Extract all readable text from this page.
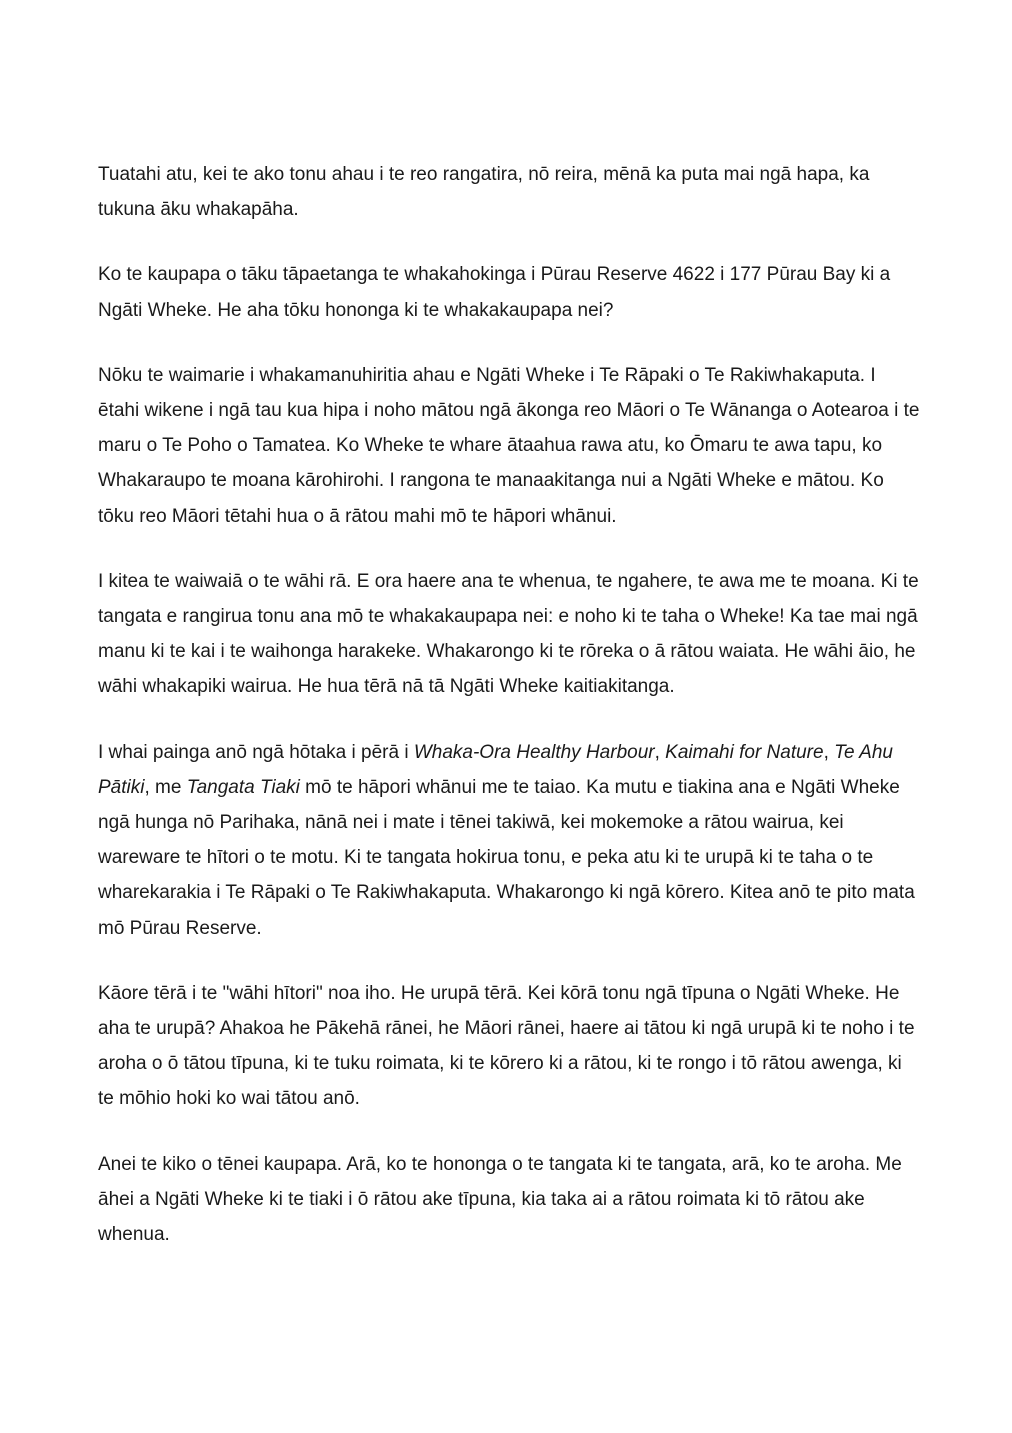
Tuatahi atu, kei te ako tonu ahau i te reo rangatira, nō reira, mēnā ka puta mai ngā hapa, ka tukuna āku whakapāha.

Ko te kaupapa o tāku tāpaetanga te whakahokinga i Pūrau Reserve 4622 i 177 Pūrau Bay ki a Ngāti Wheke. He aha tōku hononga ki te whakakaupapa nei?

Nōku te waimarie i whakamanuhiritia ahau e Ngāti Wheke i Te Rāpaki o Te Rakiwhakaputa. I ētahi wikene i ngā tau kua hipa i noho mātou ngā ākonga reo Māori o Te Wānanga o Aotearoa i te maru o Te Poho o Tamatea. Ko Wheke te whare ātaahua rawa atu, ko Ōmaru te awa tapu, ko Whakaraupo te moana kārohirohi. I rangona te manaakitanga nui a Ngāti Wheke e mātou. Ko tōku reo Māori tētahi hua o ā rātou mahi mō te hāpori whānui.

I kitea te waiwaiā o te wāhi rā. E ora haere ana te whenua, te ngahere, te awa me te moana. Ki te tangata e rangirua tonu ana mō te whakakaupapa nei: e noho ki te taha o Wheke! Ka tae mai ngā manu ki te kai i te waihonga harakeke. Whakarongo ki te rōreka o ā rātou waiata. He wāhi āio, he wāhi whakapiki wairua. He hua tērā nā tā Ngāti Wheke kaitiakitanga.

I whai painga anō ngā hōtaka i pērā i Whaka-Ora Healthy Harbour, Kaimahi for Nature, Te Ahu Pātiki, me Tangata Tiaki mō te hāpori whānui me te taiao. Ka mutu e tiakina ana e Ngāti Wheke ngā hunga nō Parihaka, nānā nei i mate i tēnei takiwā, kei mokemoke a rātou wairua, kei wareware te hītori o te motu. Ki te tangata hokirua tonu, e peka atu ki te urupā ki te taha o te wharekarakia i Te Rāpaki o Te Rakiwhakaputa. Whakarongo ki ngā kōrero. Kitea anō te pito mata mō Pūrau Reserve.

Kāore tērā i te "wāhi hītori" noa iho. He urupā tērā. Kei kōrā tonu ngā tīpuna o Ngāti Wheke. He aha te urupā? Ahakoa he Pākehā rānei, he Māori rānei, haere ai tātou ki ngā urupā ki te noho i te aroha o ō tātou tīpuna, ki te tuku roimata, ki te kōrero ki a rātou, ki te rongo i tō rātou awenga, ki te mōhio hoki ko wai tātou anō.

Anei te kiko o tēnei kaupapa. Arā, ko te hononga o te tangata ki te tangata, arā, ko te aroha. Me āhei a Ngāti Wheke ki te tiaki i ō rātou ake tīpuna, kia taka ai a rātou roimata ki tō rātou ake whenua.
